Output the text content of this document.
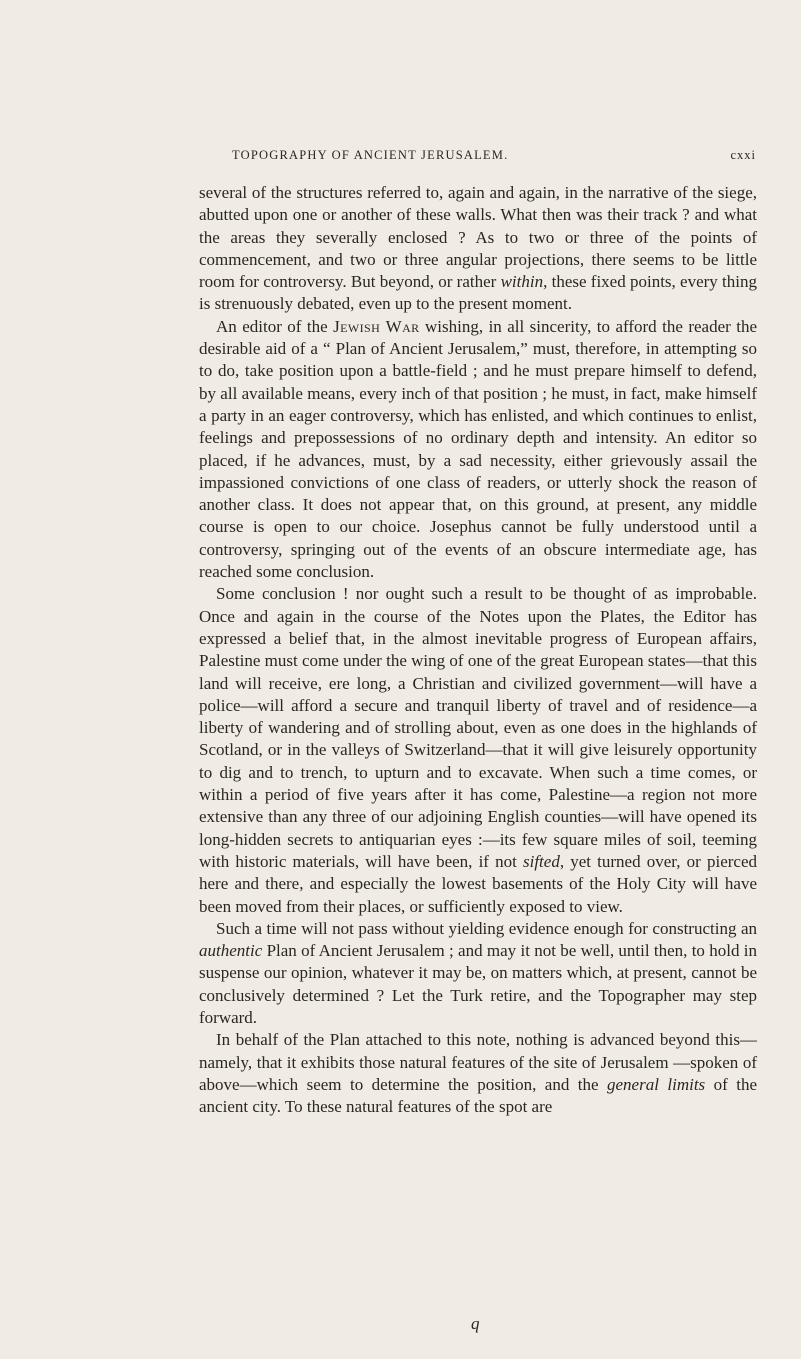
TOPOGRAPHY OF ANCIENT JERUSALEM.	cxxi

several of the structures referred to, again and again, in the narrative of the siege, abutted upon one or another of these walls. What then was their track ? and what the areas they severally enclosed ? As to two or three of the points of commencement, and two or three angular projections, there seems to be little room for controversy. But beyond, or rather within, these fixed points, every thing is strenuously debated, even up to the present moment.

An editor of the Jewish War wishing, in all sincerity, to afford the reader the desirable aid of a “ Plan of Ancient Jerusalem,” must, therefore, in attempting so to do, take position upon a battle-field ; and he must prepare himself to defend, by all available means, every inch of that position ; he must, in fact, make himself a party in an eager controversy, which has enlisted, and which continues to enlist, feelings and prepossessions of no ordinary depth and intensity. An editor so placed, if he advances, must, by a sad necessity, either grievously assail the impassioned convictions of one class of readers, or utterly shock the reason of another class. It does not appear that, on this ground, at present, any middle course is open to our choice. Josephus cannot be fully understood until a controversy, springing out of the events of an obscure intermediate age, has reached some conclusion.

Some conclusion ! nor ought such a result to be thought of as improbable. Once and again in the course of the Notes upon the Plates, the Editor has expressed a belief that, in the almost inevitable progress of European affairs, Palestine must come under the wing of one of the great European states—that this land will receive, ere long, a Christian and civilized government—will have a police—will afford a secure and tranquil liberty of travel and of residence—a liberty of wandering and of strolling about, even as one does in the highlands of Scotland, or in the valleys of Switzerland—that it will give leisurely opportunity to dig and to trench, to upturn and to excavate. When such a time comes, or within a period of five years after it has come, Palestine—a region not more extensive than any three of our adjoining English counties—will have opened its long-hidden secrets to antiquarian eyes :—its few square miles of soil, teeming with historic materials, will have been, if not sifted, yet turned over, or pierced here and there, and especially the lowest basements of the Holy City will have been moved from their places, or sufficiently exposed to view.

Such a time will not pass without yielding evidence enough for constructing an authentic Plan of Ancient Jerusalem ; and may it not be well, until then, to hold in suspense our opinion, whatever it may be, on matters which, at present, cannot be conclusively determined ? Let the Turk retire, and the Topographer may step forward.

In behalf of the Plan attached to this note, nothing is advanced beyond this—namely, that it exhibits those natural features of the site of Jerusalem —spoken of above—which seem to determine the position, and the general limits of the ancient city. To these natural features of the spot are

q
